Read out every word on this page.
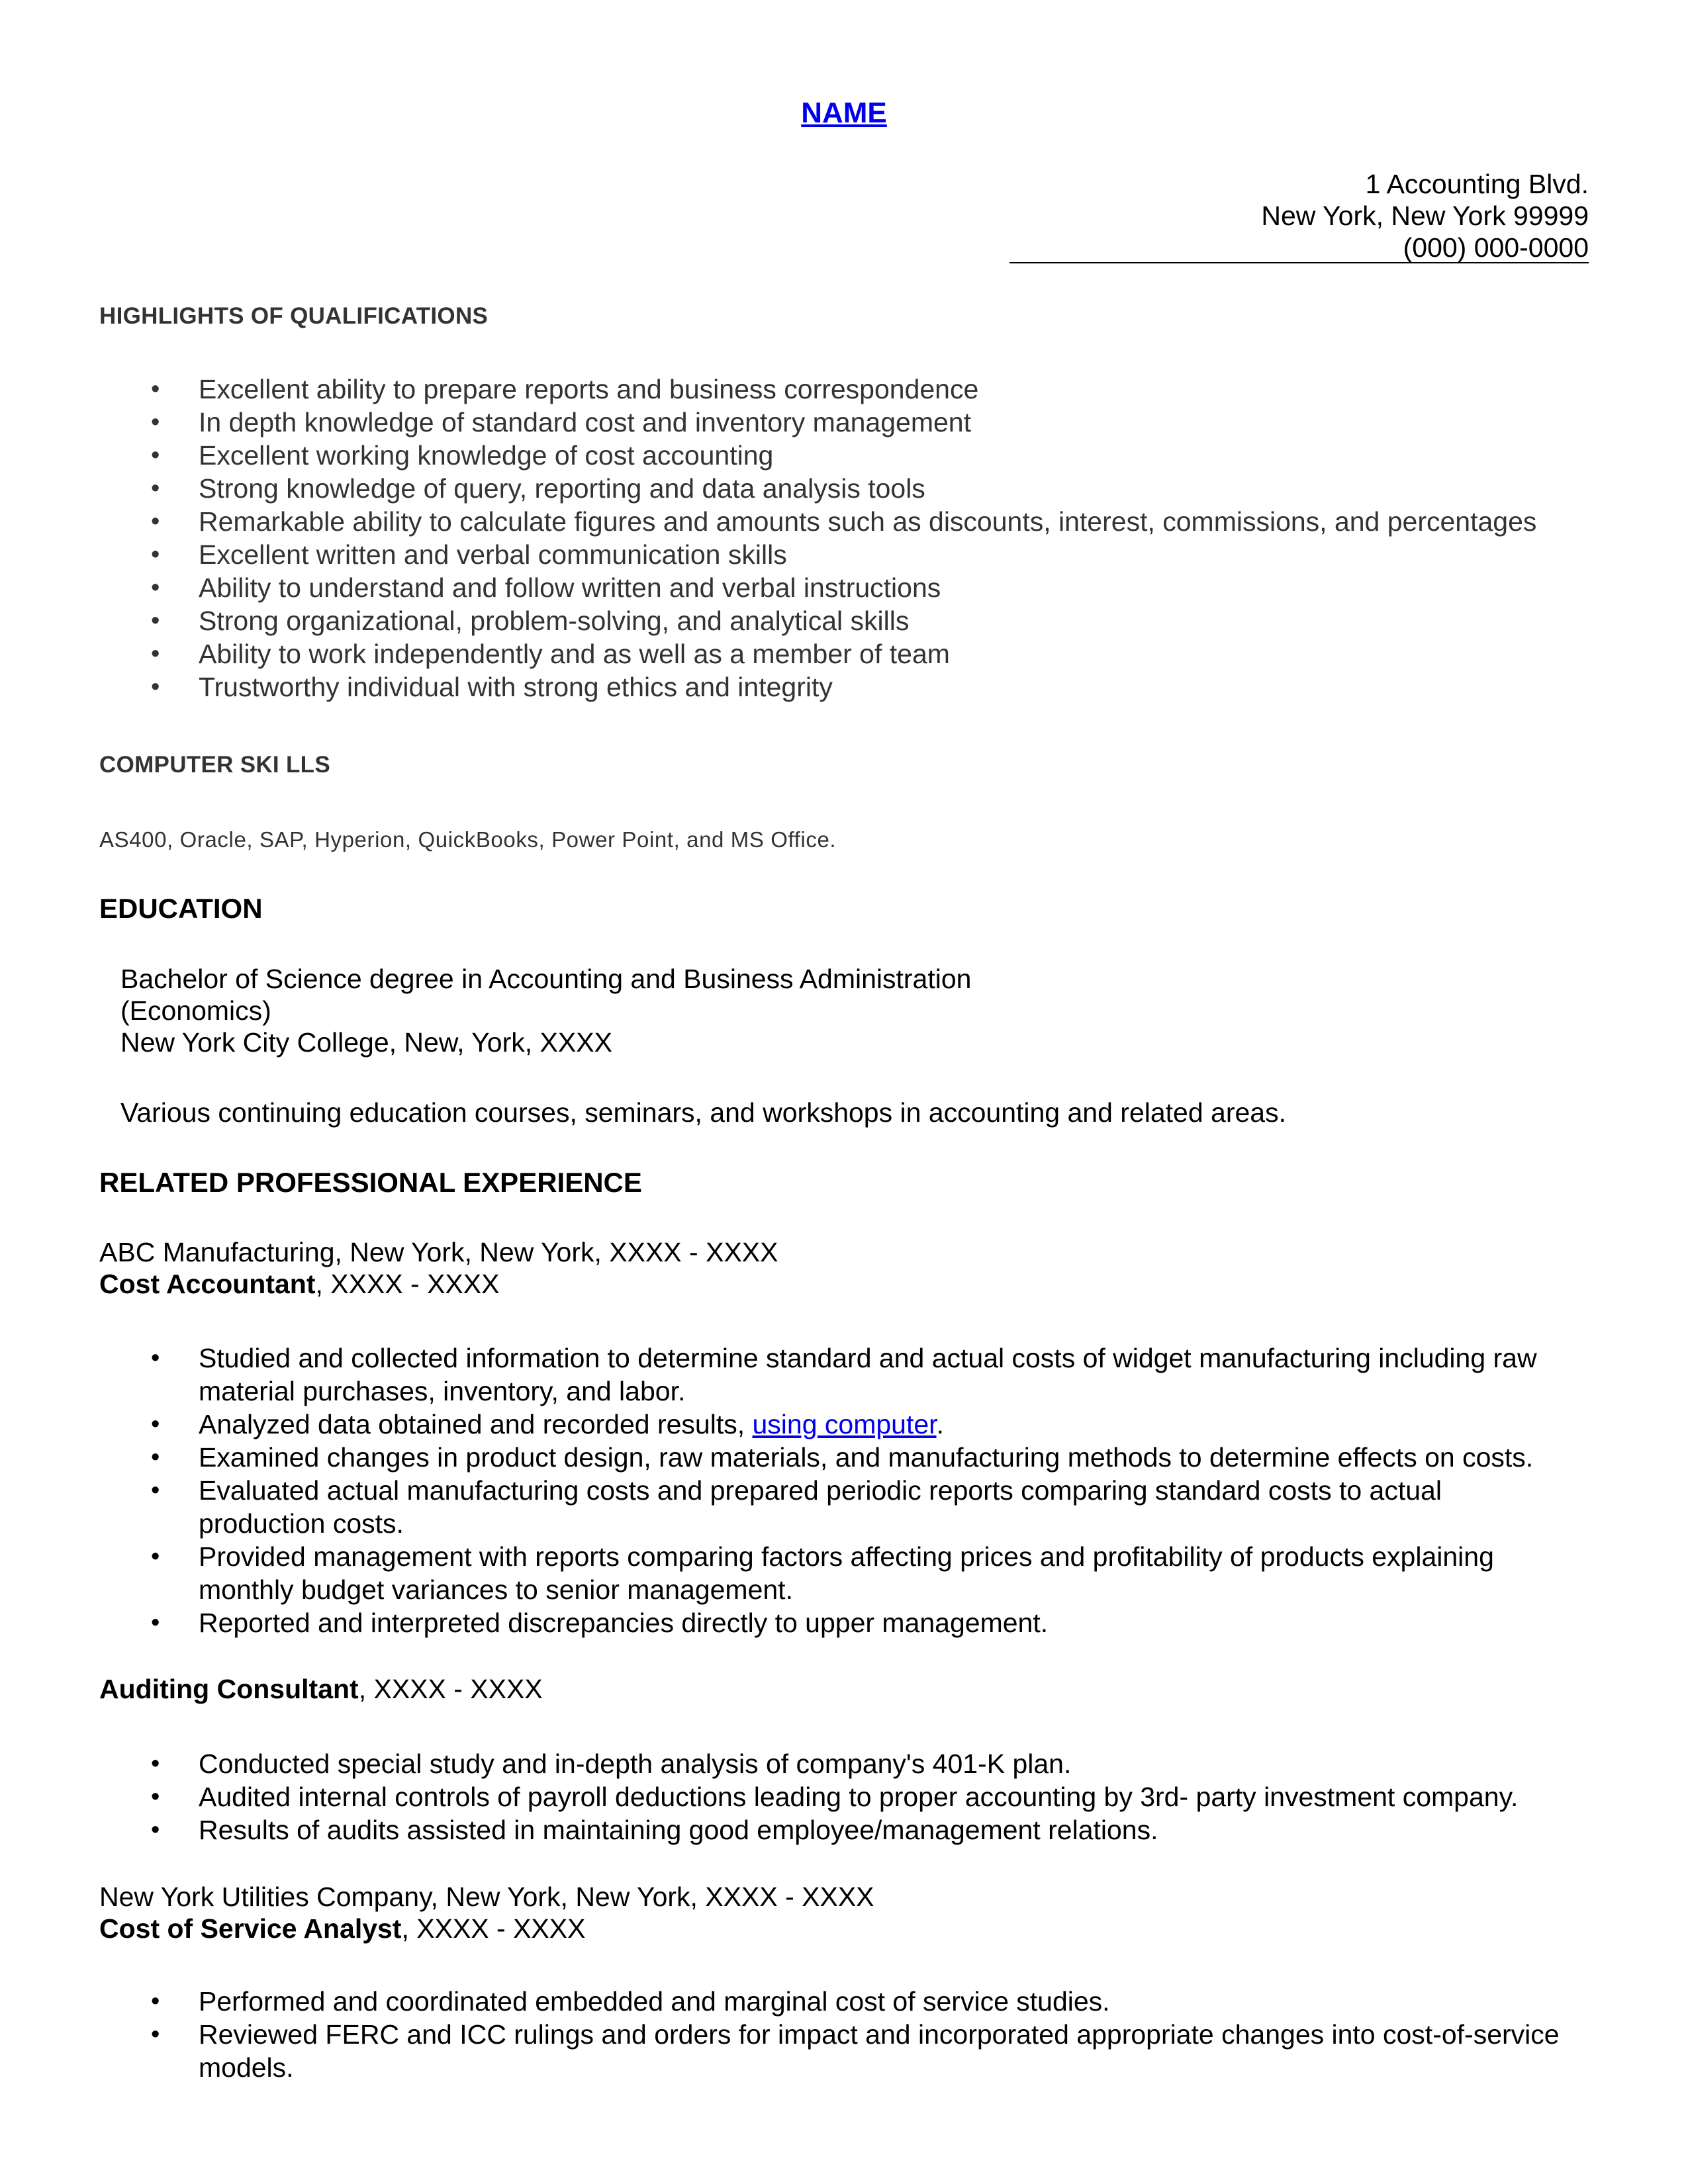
NAME
1 Accounting Blvd.
New York, New York 99999
(000) 000-0000
HIGHLIGHTS OF QUALIFICATIONS
• Excellent ability to prepare reports and business correspondence
• In depth knowledge of standard cost and inventory management
• Excellent working knowledge of cost accounting
• Strong knowledge of query, reporting and data analysis tools
• Remarkable ability to calculate figures and amounts such as discounts, interest, commissions, and percentages
• Excellent written and verbal communication skills
• Ability to understand and follow written and verbal instructions
• Strong organizational, problem-solving, and analytical skills
• Ability to work independently and as well as a member of team
• Trustworthy individual with strong ethics and integrity
COMPUTER SKI LLS
AS400, Oracle, SAP, Hyperion, QuickBooks, Power Point, and MS Office.
EDUCATION
Bachelor of Science degree in Accounting and Business Administration
(Economics)
New York City College, New, York, XXXX
Various continuing education courses, seminars, and workshops in accounting and related areas.
RELATED PROFESSIONAL EXPERIENCE
ABC Manufacturing, New York, New York, XXXX - XXXX
Cost Accountant, XXXX - XXXX
• Studied and collected information to determine standard and actual costs of widget manufacturing including raw
material purchases, inventory, and labor.
• Analyzed data obtained and recorded results, using computer.
• Examined changes in product design, raw materials, and manufacturing methods to determine effects on costs.
• Evaluated actual manufacturing costs and prepared periodic reports comparing standard costs to actual
production costs.
• Provided management with reports comparing factors affecting prices and profitability of products explaining
monthly budget variances to senior management.
• Reported and interpreted discrepancies directly to upper management.
Auditing Consultant, XXXX - XXXX
• Conducted special study and in-depth analysis of company's 401-K plan.
• Audited internal controls of payroll deductions leading to proper accounting by 3rd- party investment company.
• Results of audits assisted in maintaining good employee/management relations.
New York Utilities Company, New York, New York, XXXX - XXXX
Cost of Service Analyst, XXXX - XXXX
• Performed and coordinated embedded and marginal cost of service studies.
• Reviewed FERC and ICC rulings and orders for impact and incorporated appropriate changes into cost-of-service
models.
